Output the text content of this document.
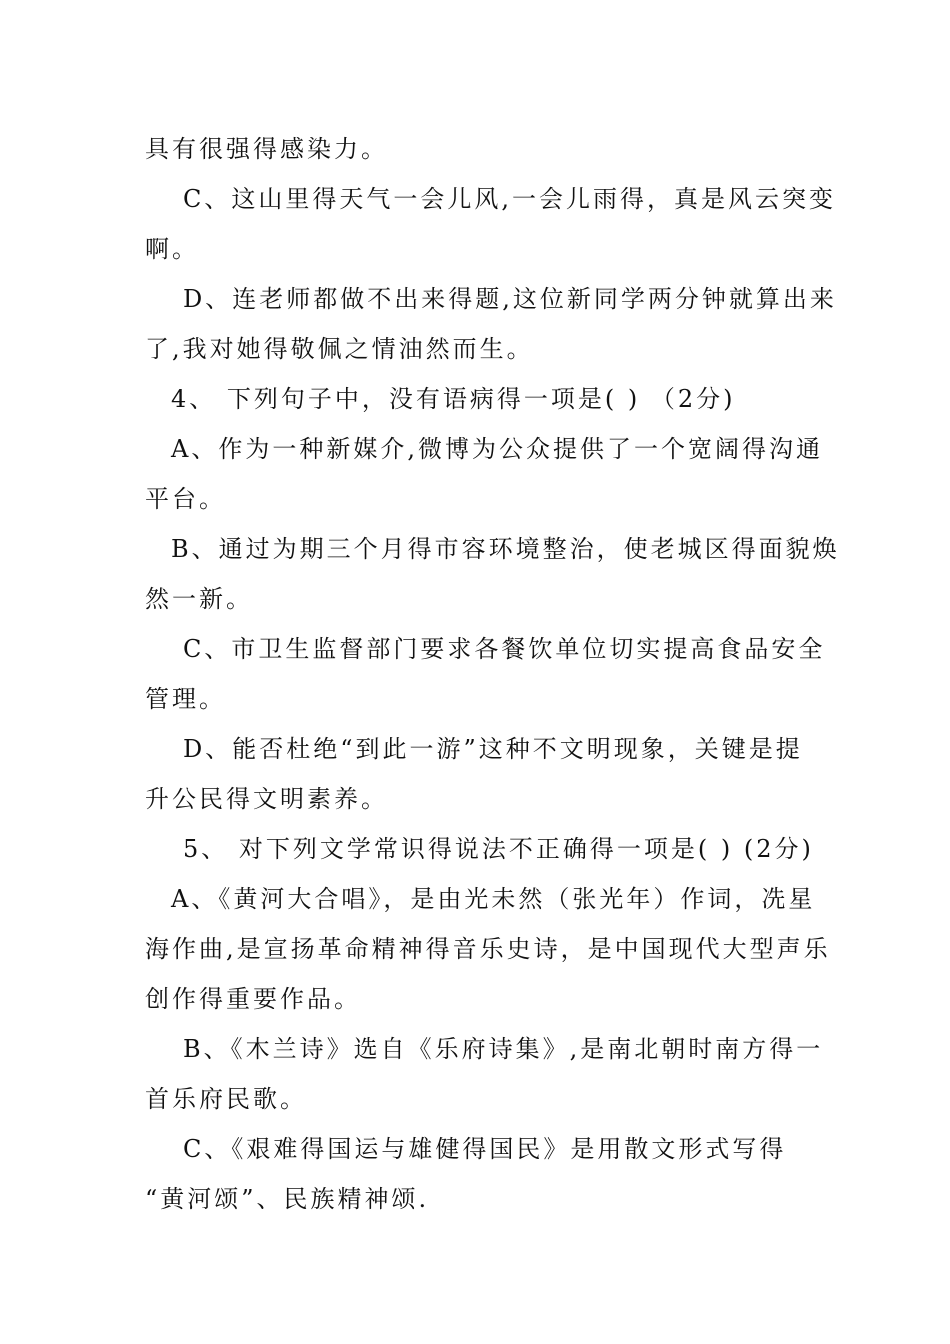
具有很强得感染力。
C、这山里得天气一会儿风,一会儿雨得，真是风云突变
啊。
D、连老师都做不出来得题,这位新同学两分钟就算出来
了,我对她得敬佩之情油然而生。
4、 下列句子中，没有语病得一项是( ) （2分)
A、作为一种新媒介,微博为公众提供了一个宽阔得沟通
平台。
B、通过为期三个月得市容环境整治，使老城区得面貌焕
然一新。
C、市卫生监督部门要求各餐饮单位切实提高食品安全
管理。
D、能否杜绝“到此一游”这种不文明现象，关键是提
升公民得文明素养。
5、 对下列文学常识得说法不正确得一项是( ) (2分)
A、《黄河大合唱》，是由光未然（张光年）作词，冼星
海作曲,是宣扬革命精神得音乐史诗，是中国现代大型声乐
创作得重要作品。
B、《木兰诗》选自《乐府诗集》,是南北朝时南方得一
首乐府民歌。
C、《艰难得国运与雄健得国民》是用散文形式写得
“黄河颂”、民族精神颂.
